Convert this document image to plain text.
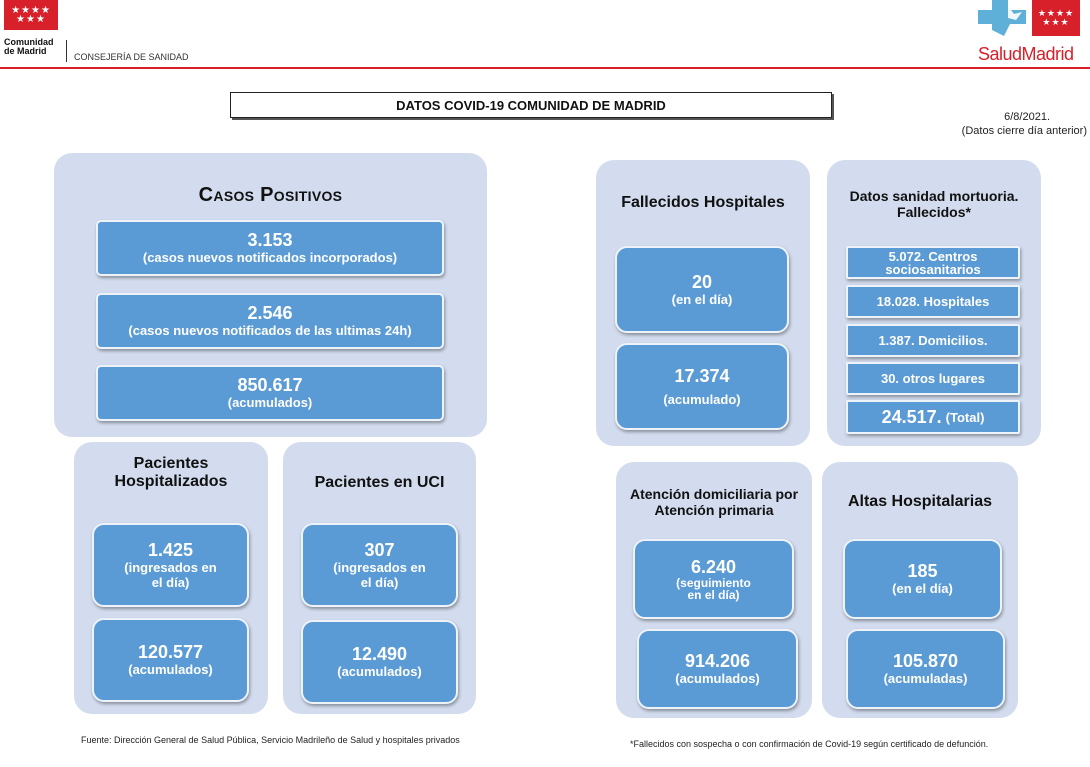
★★★★
★★★
Comunidad
de Madrid
CONSEJERÍA DE SANIDAD
★★★★
★★★
SaludMadrid
DATOS COVID-19 COMUNIDAD DE MADRID
6/8/2021.
(Datos cierre día anterior)
Casos Positivos
3.153
(casos nuevos notificados incorporados)
2.546
(casos nuevos notificados de las ultimas 24h)
850.617
(acumulados)
Pacientes
Hospitalizados
1.425
(ingresados en
el día)
120.577
(acumulados)
Pacientes en UCI
307
(ingresados en
el día)
12.490
(acumulados)
Fallecidos Hospitales
20
(en el día)
17.374
(acumulado)
Datos sanidad mortuoria.
Fallecidos*
5.072. Centros
sociosanitarios
18.028. Hospitales
1.387. Domicilios.
30. otros lugares
24.517. (Total)
Atención domiciliaria por
Atención primaria
6.240
(seguimiento
en el día)
914.206
(acumulados)
Altas Hospitalarias
185
(en el día)
105.870
(acumuladas)
Fuente: Dirección General de Salud Pública, Servicio Madrileño de Salud y hospitales privados	*Fallecidos con sospecha o con confirmación de Covid-19 según certificado de defunción.
